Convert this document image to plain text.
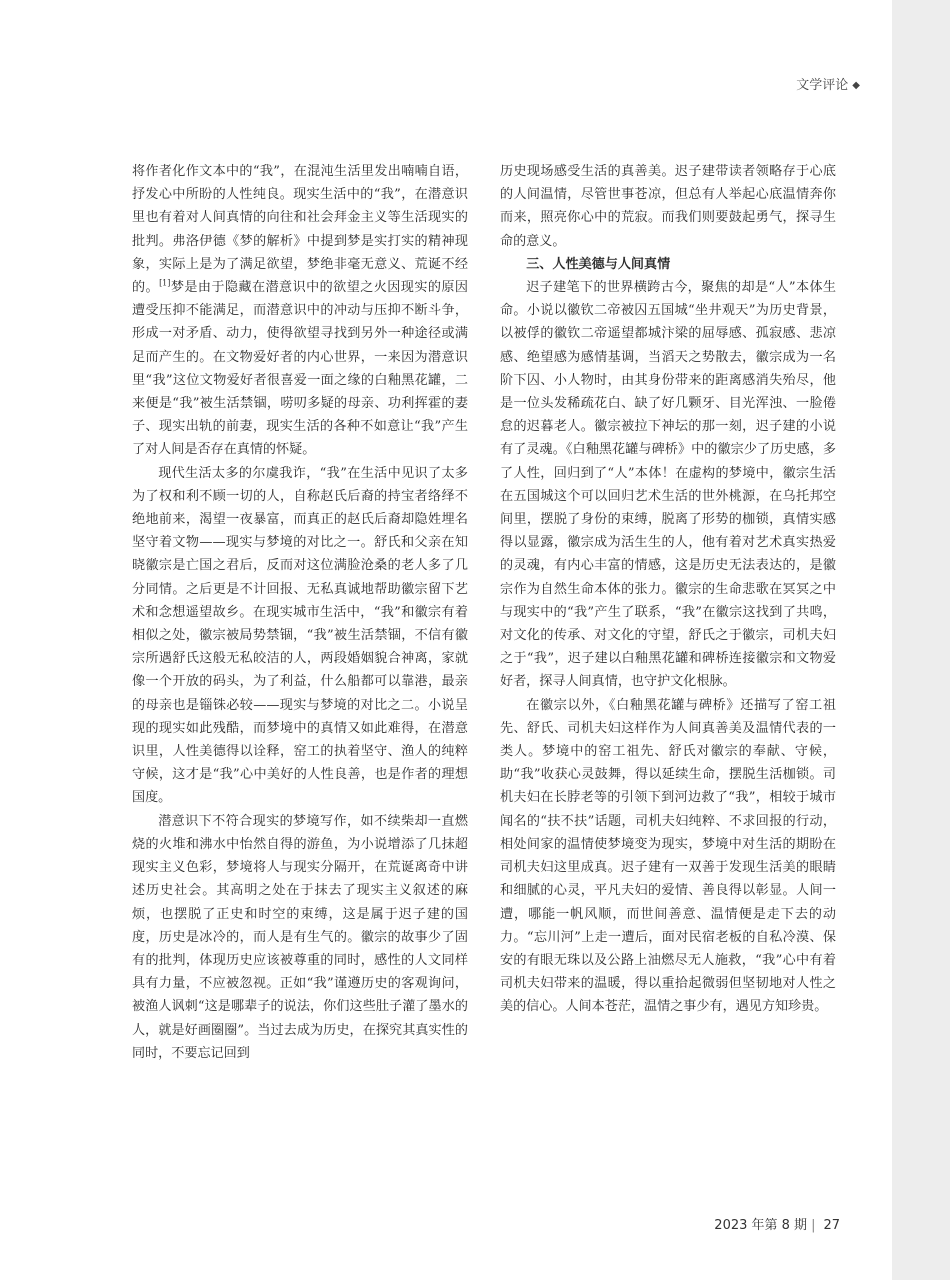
文学评论 ◆

将作者化作文本中的“我”，在混沌生活里发出喃喃自语，抒发心中所盼的人性纯良。现实生活中的“我”，在潜意识里也有着对人间真情的向往和社会拜金主义等生活现实的批判。弗洛伊德《梦的解析》中提到梦是实打实的精神现象，实际上是为了满足欲望，梦绝非毫无意义、荒诞不经的。[1]梦是由于隐藏在潜意识中的欲望之火因现实的原因遭受压抑不能满足，而潜意识中的冲动与压抑不断斗争，形成一对矛盾、动力，使得欲望寻找到另外一种途径或满足而产生的。在文物爱好者的内心世界，一来因为潜意识里“我”这位文物爱好者很喜爱一面之缘的白釉黑花罐，二来便是“我”被生活禁锢，唠叨多疑的母亲、功利挥霍的妻子、现实出轨的前妻，现实生活的各种不如意让“我”产生了对人间是否存在真情的怀疑。

现代生活太多的尔虞我诈，“我”在生活中见识了太多为了权和利不顾一切的人，自称赵氏后裔的持宝者络绎不绝地前来，渴望一夜暴富，而真正的赵氏后裔却隐姓埋名坚守着文物——现实与梦境的对比之一。舒氏和父亲在知晓徽宗是亡国之君后，反而对这位满脸沧桑的老人多了几分同情。之后更是不计回报、无私真诚地帮助徽宗留下艺术和念想遥望故乡。在现实城市生活中，“我”和徽宗有着相似之处，徽宗被局势禁锢，“我”被生活禁锢，不信有徽宗所遇舒氏这般无私皎洁的人，两段婚姻貌合神离，家就像一个开放的码头，为了利益，什么船都可以靠港，最亲的母亲也是锱铢必较——现实与梦境的对比之二。小说呈现的现实如此残酷，而梦境中的真情又如此难得，在潜意识里，人性美德得以诠释，窑工的执着坚守、渔人的纯粹守候，这才是“我”心中美好的人性良善，也是作者的理想国度。

潜意识下不符合现实的梦境写作，如不续柴却一直燃烧的火堆和沸水中怡然自得的游鱼，为小说增添了几抹超现实主义色彩，梦境将人与现实分隔开，在荒诞离奇中讲述历史社会。其高明之处在于抹去了现实主义叙述的麻烦，也摆脱了正史和时空的束缚，这是属于迟子建的国度，历史是冰冷的，而人是有生气的。徽宗的故事少了固有的批判，体现历史应该被尊重的同时，感性的人文同样具有力量，不应被忽视。正如“我”谨遵历史的客观询问，被渔人讽刺“这是哪辈子的说法，你们这些肚子灌了墨水的人，就是好画圈圈”。当过去成为历史，在探究其真实性的同时，不要忘记回到

历史现场感受生活的真善美。迟子建带读者领略存于心底的人间温情，尽管世事苍凉，但总有人举起心底温情奔你而来，照亮你心中的荒寂。而我们则要鼓起勇气，探寻生命的意义。

三、人性美德与人间真情

迟子建笔下的世界横跨古今，聚焦的却是“人”本体生命。小说以徽钦二帝被囚五国城“坐井观天”为历史背景，以被俘的徽钦二帝遥望都城汴梁的屈辱感、孤寂感、悲凉感、绝望感为感情基调，当滔天之势散去，徽宗成为一名阶下囚、小人物时，由其身份带来的距离感消失殆尽，他是一位头发稀疏花白、缺了好几颗牙、目光浑浊、一脸倦怠的迟暮老人。徽宗被拉下神坛的那一刻，迟子建的小说有了灵魂。《白釉黑花罐与碑桥》中的徽宗少了历史感，多了人性，回归到了“人”本体！在虚构的梦境中，徽宗生活在五国城这个可以回归艺术生活的世外桃源，在乌托邦空间里，摆脱了身份的束缚，脱离了形势的枷锁，真情实感得以显露，徽宗成为活生生的人，他有着对艺术真实热爱的灵魂，有内心丰富的情感，这是历史无法表达的，是徽宗作为自然生命本体的张力。徽宗的生命悲歌在冥冥之中与现实中的“我”产生了联系，“我”在徽宗这找到了共鸣，对文化的传承、对文化的守望，舒氏之于徽宗，司机夫妇之于“我”，迟子建以白釉黑花罐和碑桥连接徽宗和文物爱好者，探寻人间真情，也守护文化根脉。

在徽宗以外，《白釉黑花罐与碑桥》还描写了窑工祖先、舒氏、司机夫妇这样作为人间真善美及温情代表的一类人。梦境中的窑工祖先、舒氏对徽宗的奉献、守候，助“我”收获心灵鼓舞，得以延续生命，摆脱生活枷锁。司机夫妇在长脖老等的引领下到河边救了“我”，相较于城市闻名的“扶不扶”话题，司机夫妇纯粹、不求回报的行动，相处间家的温情使梦境变为现实，梦境中对生活的期盼在司机夫妇这里成真。迟子建有一双善于发现生活美的眼睛和细腻的心灵，平凡夫妇的爱情、善良得以彰显。人间一遭，哪能一帆风顺，而世间善意、温情便是走下去的动力。“忘川河”上走一遭后，面对民宿老板的自私冷漠、保安的有眼无珠以及公路上油燃尽无人施救，“我”心中有着司机夫妇带来的温暖，得以重拾起微弱但坚韧地对人性之美的信心。人间本苍茫，温情之事少有，遇见方知珍贵。

2023 年第 8 期 | 27
